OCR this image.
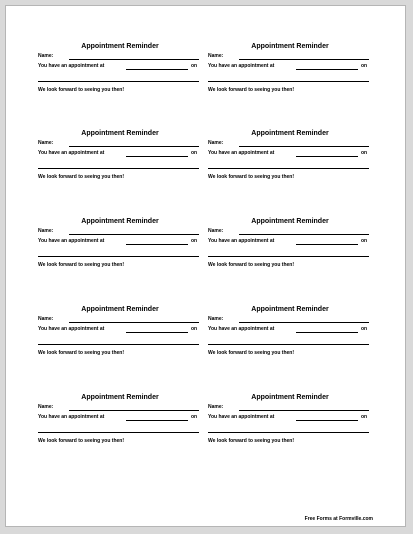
Appointment Reminder
Name:
You have an appointment at	on
We look forward to seeing you then!
Appointment Reminder
Name:
You have an appointment at	on
We look forward to seeing you then!
Appointment Reminder
Name:
You have an appointment at	on
We look forward to seeing you then!
Appointment Reminder
Name:
You have an appointment at	on
We look forward to seeing you then!
Appointment Reminder
Name:
You have an appointment at	on
We look forward to seeing you then!
Appointment Reminder
Name:
You have an appointment at	on
We look forward to seeing you then!
Appointment Reminder
Name:
You have an appointment at	on
We look forward to seeing you then!
Appointment Reminder
Name:
You have an appointment at	on
We look forward to seeing you then!
Appointment Reminder
Name:
You have an appointment at	on
We look forward to seeing you then!
Appointment Reminder
Name:
You have an appointment at	on
We look forward to seeing you then!
Free Forms at Formville.com
